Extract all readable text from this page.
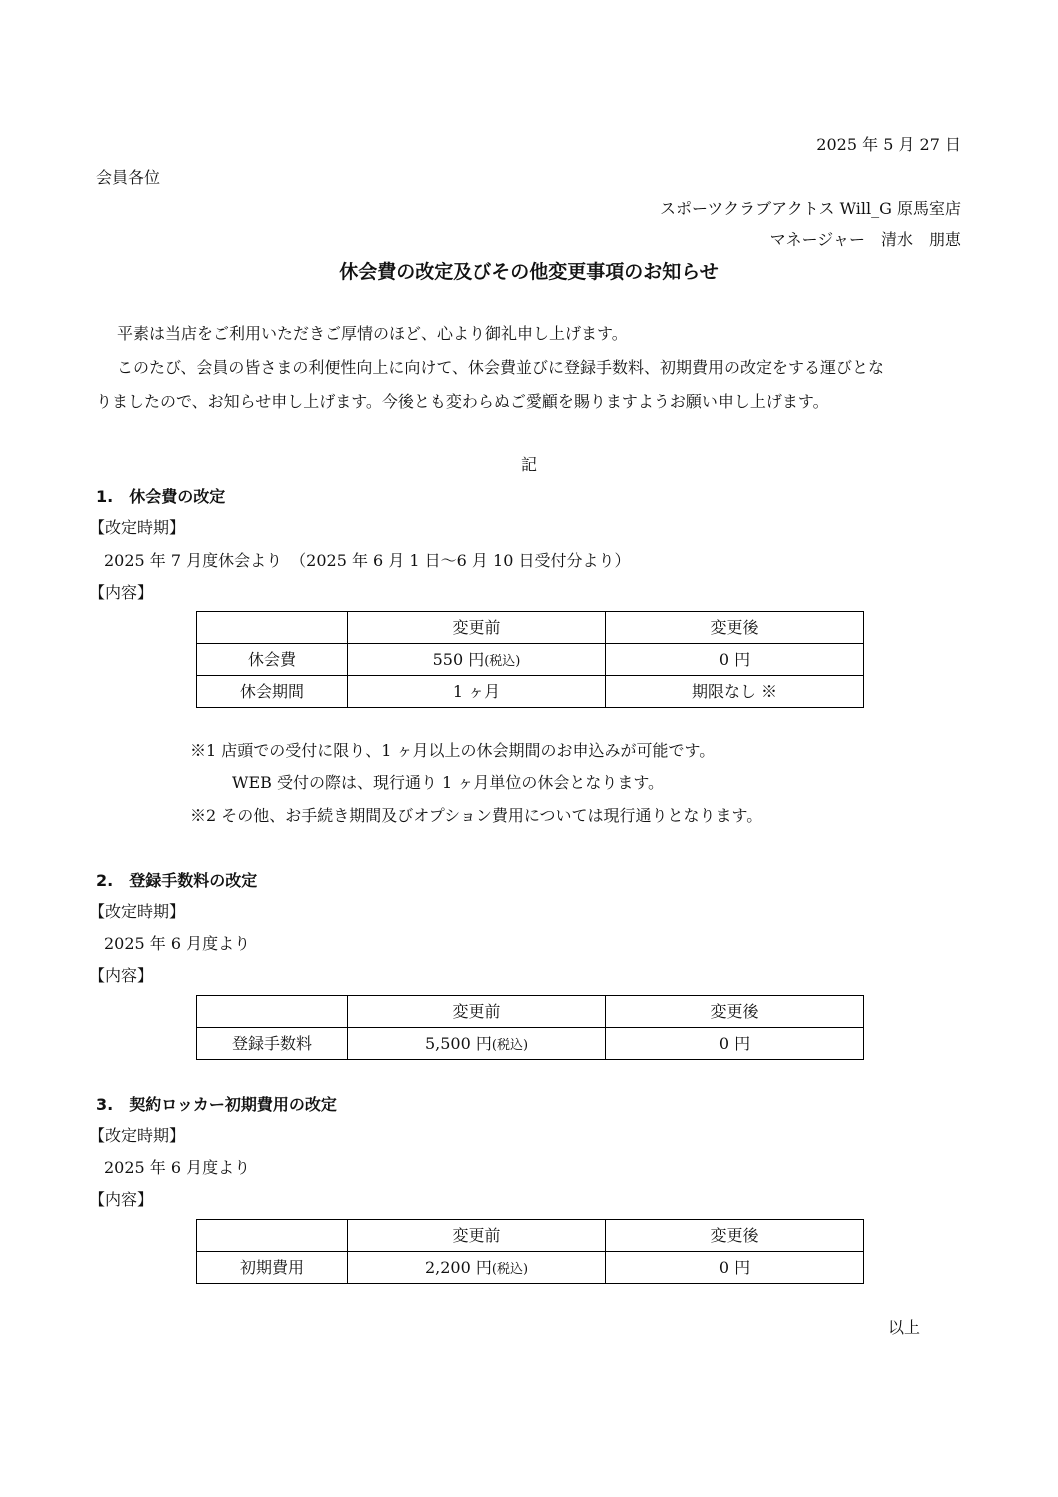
2025 年 5 月 27 日
会員各位
スポーツクラブアクトス Will_G 原馬室店
マネージャー　清水　朋恵
休会費の改定及びその他変更事項のお知らせ
平素は当店をご利用いただきご厚情のほど、心より御礼申し上げます。
このたび、会員の皆さまの利便性向上に向けて、休会費並びに登録手数料、初期費用の改定をする運びとな
りましたので、お知らせ申し上げます。今後とも変わらぬご愛顧を賜りますようお願い申し上げます。
記
1.　休会費の改定
【改定時期】
2025 年 7 月度休会より　（2025 年 6 月 1 日～6 月 10 日受付分より）
【内容】
	変更前	変更後
休会費	550 円(税込)	0 円
休会期間	1 ヶ月	期限なし ※
※1 店頭での受付に限り、1 ヶ月以上の休会期間のお申込みが可能です。
WEB 受付の際は、現行通り 1 ヶ月単位の休会となります。
※2 その他、お手続き期間及びオプション費用については現行通りとなります。
2.　登録手数料の改定
【改定時期】
2025 年 6 月度より
【内容】
	変更前	変更後
登録手数料	5,500 円(税込)	0 円
3.　契約ロッカー初期費用の改定
【改定時期】
2025 年 6 月度より
【内容】
	変更前	変更後
初期費用	2,200 円(税込)	0 円
以上
